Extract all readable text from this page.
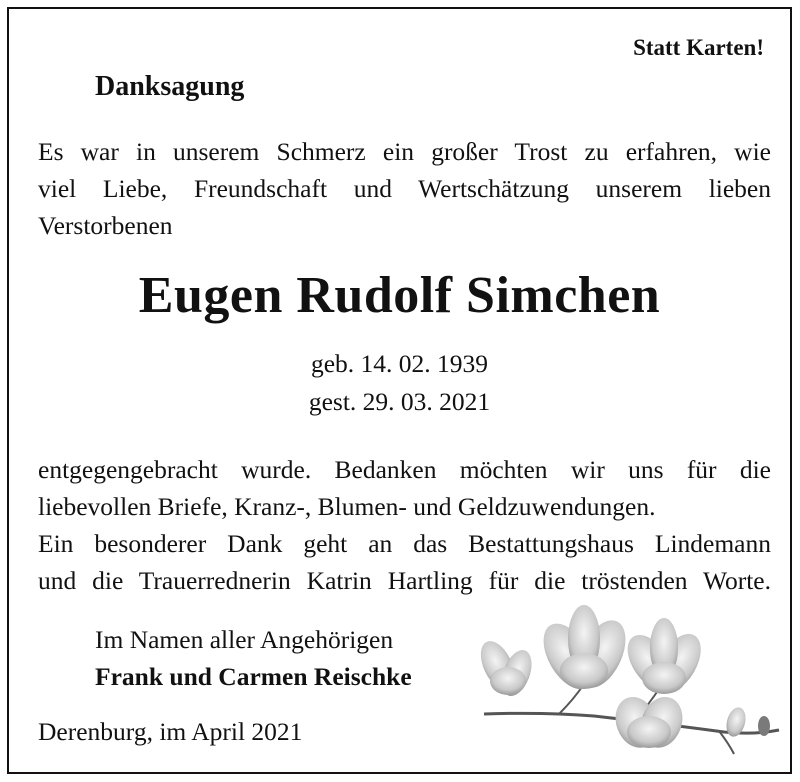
Statt Karten!

Danksagung

Es war in unserem Schmerz ein großer Trost zu erfahren, wie
viel Liebe, Freundschaft und Wertschätzung unserem lieben
Verstorbenen

Eugen Rudolf Simchen

geb. 14. 02. 1939
gest. 29. 03. 2021
entgegengebracht wurde. Bedanken möchten wir uns für die
liebevollen Briefe, Kranz-, Blumen- und Geldzuwendungen.
Ein besonderer Dank geht an das Bestattungshaus Lindemann
und die Trauerrednerin Katrin Hartling für die tröstenden Worte.
Im Namen aller Angehörigen
Frank und Carmen Reischke

Derenburg, im April 2021
